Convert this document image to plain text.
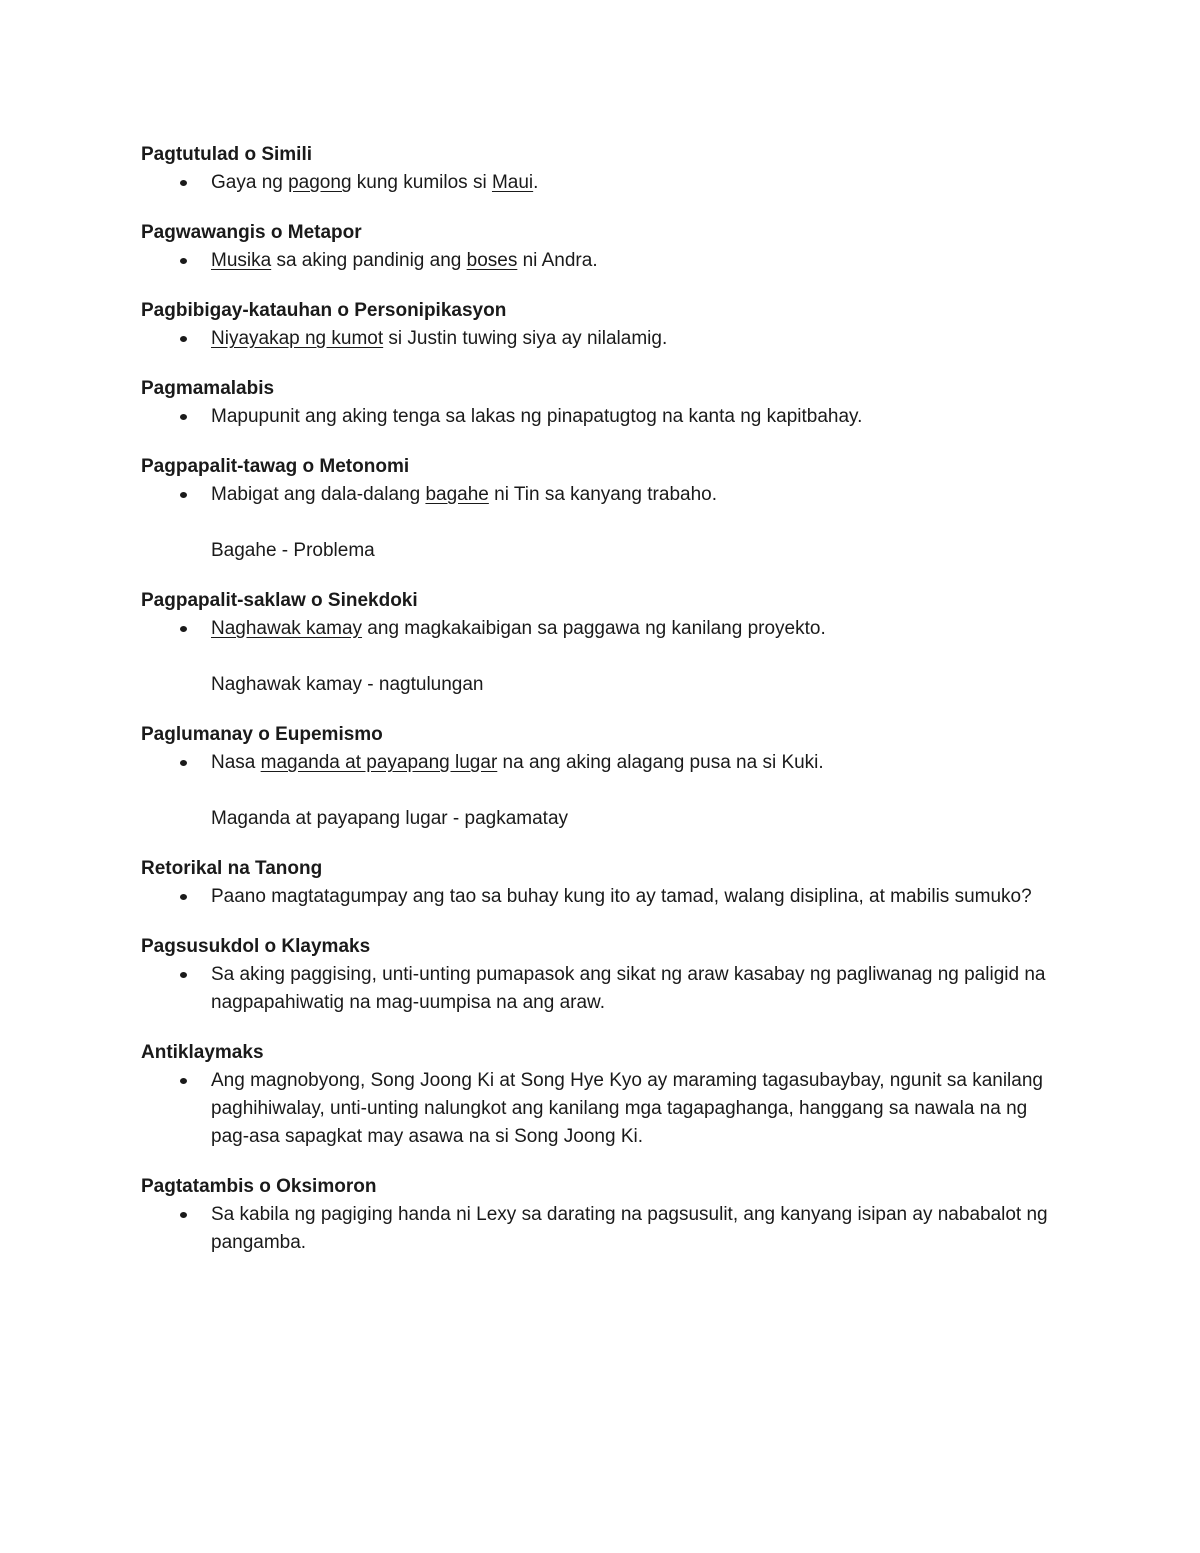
Pagtutulad o Simili
Gaya ng pagong kung kumilos si Maui.
Pagwawangis o Metapor
Musika sa aking pandinig ang boses ni Andra.
Pagbibigay-katauhan o Personipikasyon
Niyayakap ng kumot si Justin tuwing siya ay nilalamig.
Pagmamalabis
Mapupunit ang aking tenga sa lakas ng pinapatugtog na kanta ng kapitbahay.
Pagpapalit-tawag o Metonomi
Mabigat ang dala-dalang bagahe ni Tin sa kanyang trabaho.
Bagahe - Problema
Pagpapalit-saklaw o Sinekdoki
Naghawak kamay ang magkakaibigan sa paggawa ng kanilang proyekto.
Naghawak kamay - nagtulungan
Paglumanay o Eupemismo
Nasa maganda at payapang lugar na ang aking alagang pusa na si Kuki.
Maganda at payapang lugar - pagkamatay
Retorikal na Tanong
Paano magtatagumpay ang tao sa buhay kung ito ay tamad, walang disiplina, at mabilis sumuko?
Pagsusukdol o Klaymaks
Sa aking paggising, unti-unting pumapasok ang sikat ng araw kasabay ng pagliwanag ng paligid na nagpapahiwatig na mag-uumpisa na ang araw.
Antiklaymaks
Ang magnobyong, Song Joong Ki at Song Hye Kyo ay maraming tagasubaybay, ngunit sa kanilang paghihiwalay, unti-unting nalungkot ang kanilang mga tagapaghanga, hanggang sa nawala na ng pag-asa sapagkat may asawa na si Song Joong Ki.
Pagtatambis o Oksimoron
Sa kabila ng pagiging handa ni Lexy sa darating na pagsusulit, ang kanyang isipan ay nababalot ng pangamba.
